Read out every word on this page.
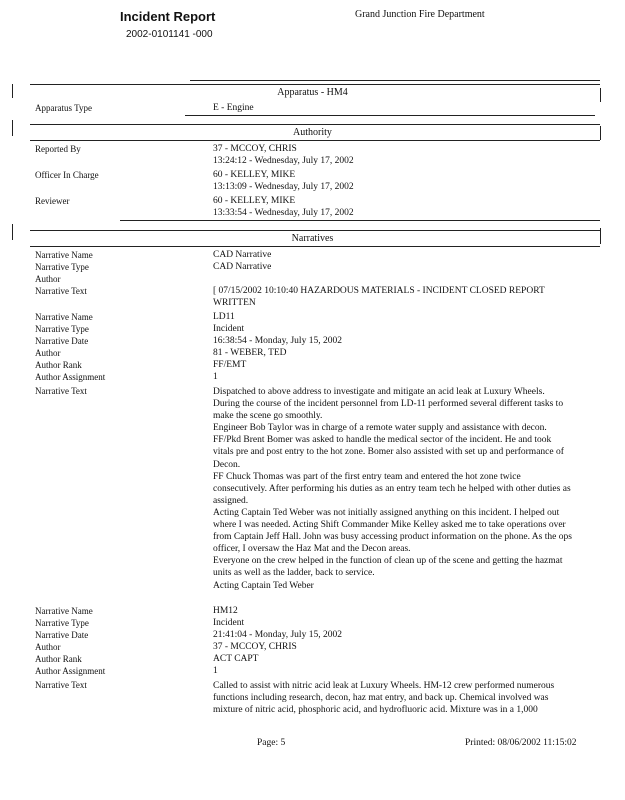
Incident Report
2002-0101141 -000
Grand Junction Fire Department
Apparatus - HM4
Apparatus Type	E - Engine
Authority
Reported By	37 - MCCOY, CHRIS
13:24:12 - Wednesday, July 17, 2002
Officer In Charge	60 - KELLEY, MIKE
13:13:09 - Wednesday, July 17, 2002
Reviewer	60 - KELLEY, MIKE
13:33:54 - Wednesday, July 17, 2002
Narratives
Narrative Name	CAD Narrative
Narrative Type	CAD Narrative
Author
Narrative Text	[ 07/15/2002 10:10:40 HAZARDOUS MATERIALS - INCIDENT CLOSED REPORT
WRITTEN
Narrative Name	LD11
Narrative Type	Incident
Narrative Date	16:38:54 - Monday, July 15, 2002
Author	81 - WEBER, TED
Author Rank	FF/EMT
Author Assignment	1
Narrative Text	Dispatched to above address to investigate and mitigate an acid leak at Luxury Wheels. During the course of the incident personnel from LD-11 performed several different tasks to make the scene go smoothly.

Engineer Bob Taylor was in charge of a remote water supply and assistance with decon. FF/Pkd Brent Bomer was asked to handle the medical sector of the incident. He and took vitals pre and post entry to the hot zone. Bomer also assisted with set up and performance of Decon.

FF Chuck Thomas was part of the first entry team and entered the hot zone twice consecutively. After performing his duties as an entry team tech he helped with other duties as assigned.

Acting Captain Ted Weber was not initially assigned anything on this incident. I helped out where I was needed. Acting Shift Commander Mike Kelley asked me to take operations over from Captain Jeff Hall. John was busy accessing product information on the phone. As the ops officer, I oversaw the Haz Mat and the Decon areas.

Everyone on the crew helped in the function of clean up of the scene and getting the hazmat units as well as the ladder, back to service.

Acting Captain Ted Weber

Narrative Name	HM12
Narrative Type	Incident
Narrative Date	21:41:04 - Monday, July 15, 2002
Author	37 - MCCOY, CHRIS
Author Rank	ACT CAPT
Author Assignment	1
Narrative Text	Called to assist with nitric acid leak at Luxury Wheels. HM-12 crew performed numerous functions including research, decon, haz mat entry, and back up. Chemical involved was mixture of nitric acid, phosphoric acid, and hydrofluoric acid. Mixture was in a 1,000
Page: 5	Printed: 08/06/2002 11:15:02
